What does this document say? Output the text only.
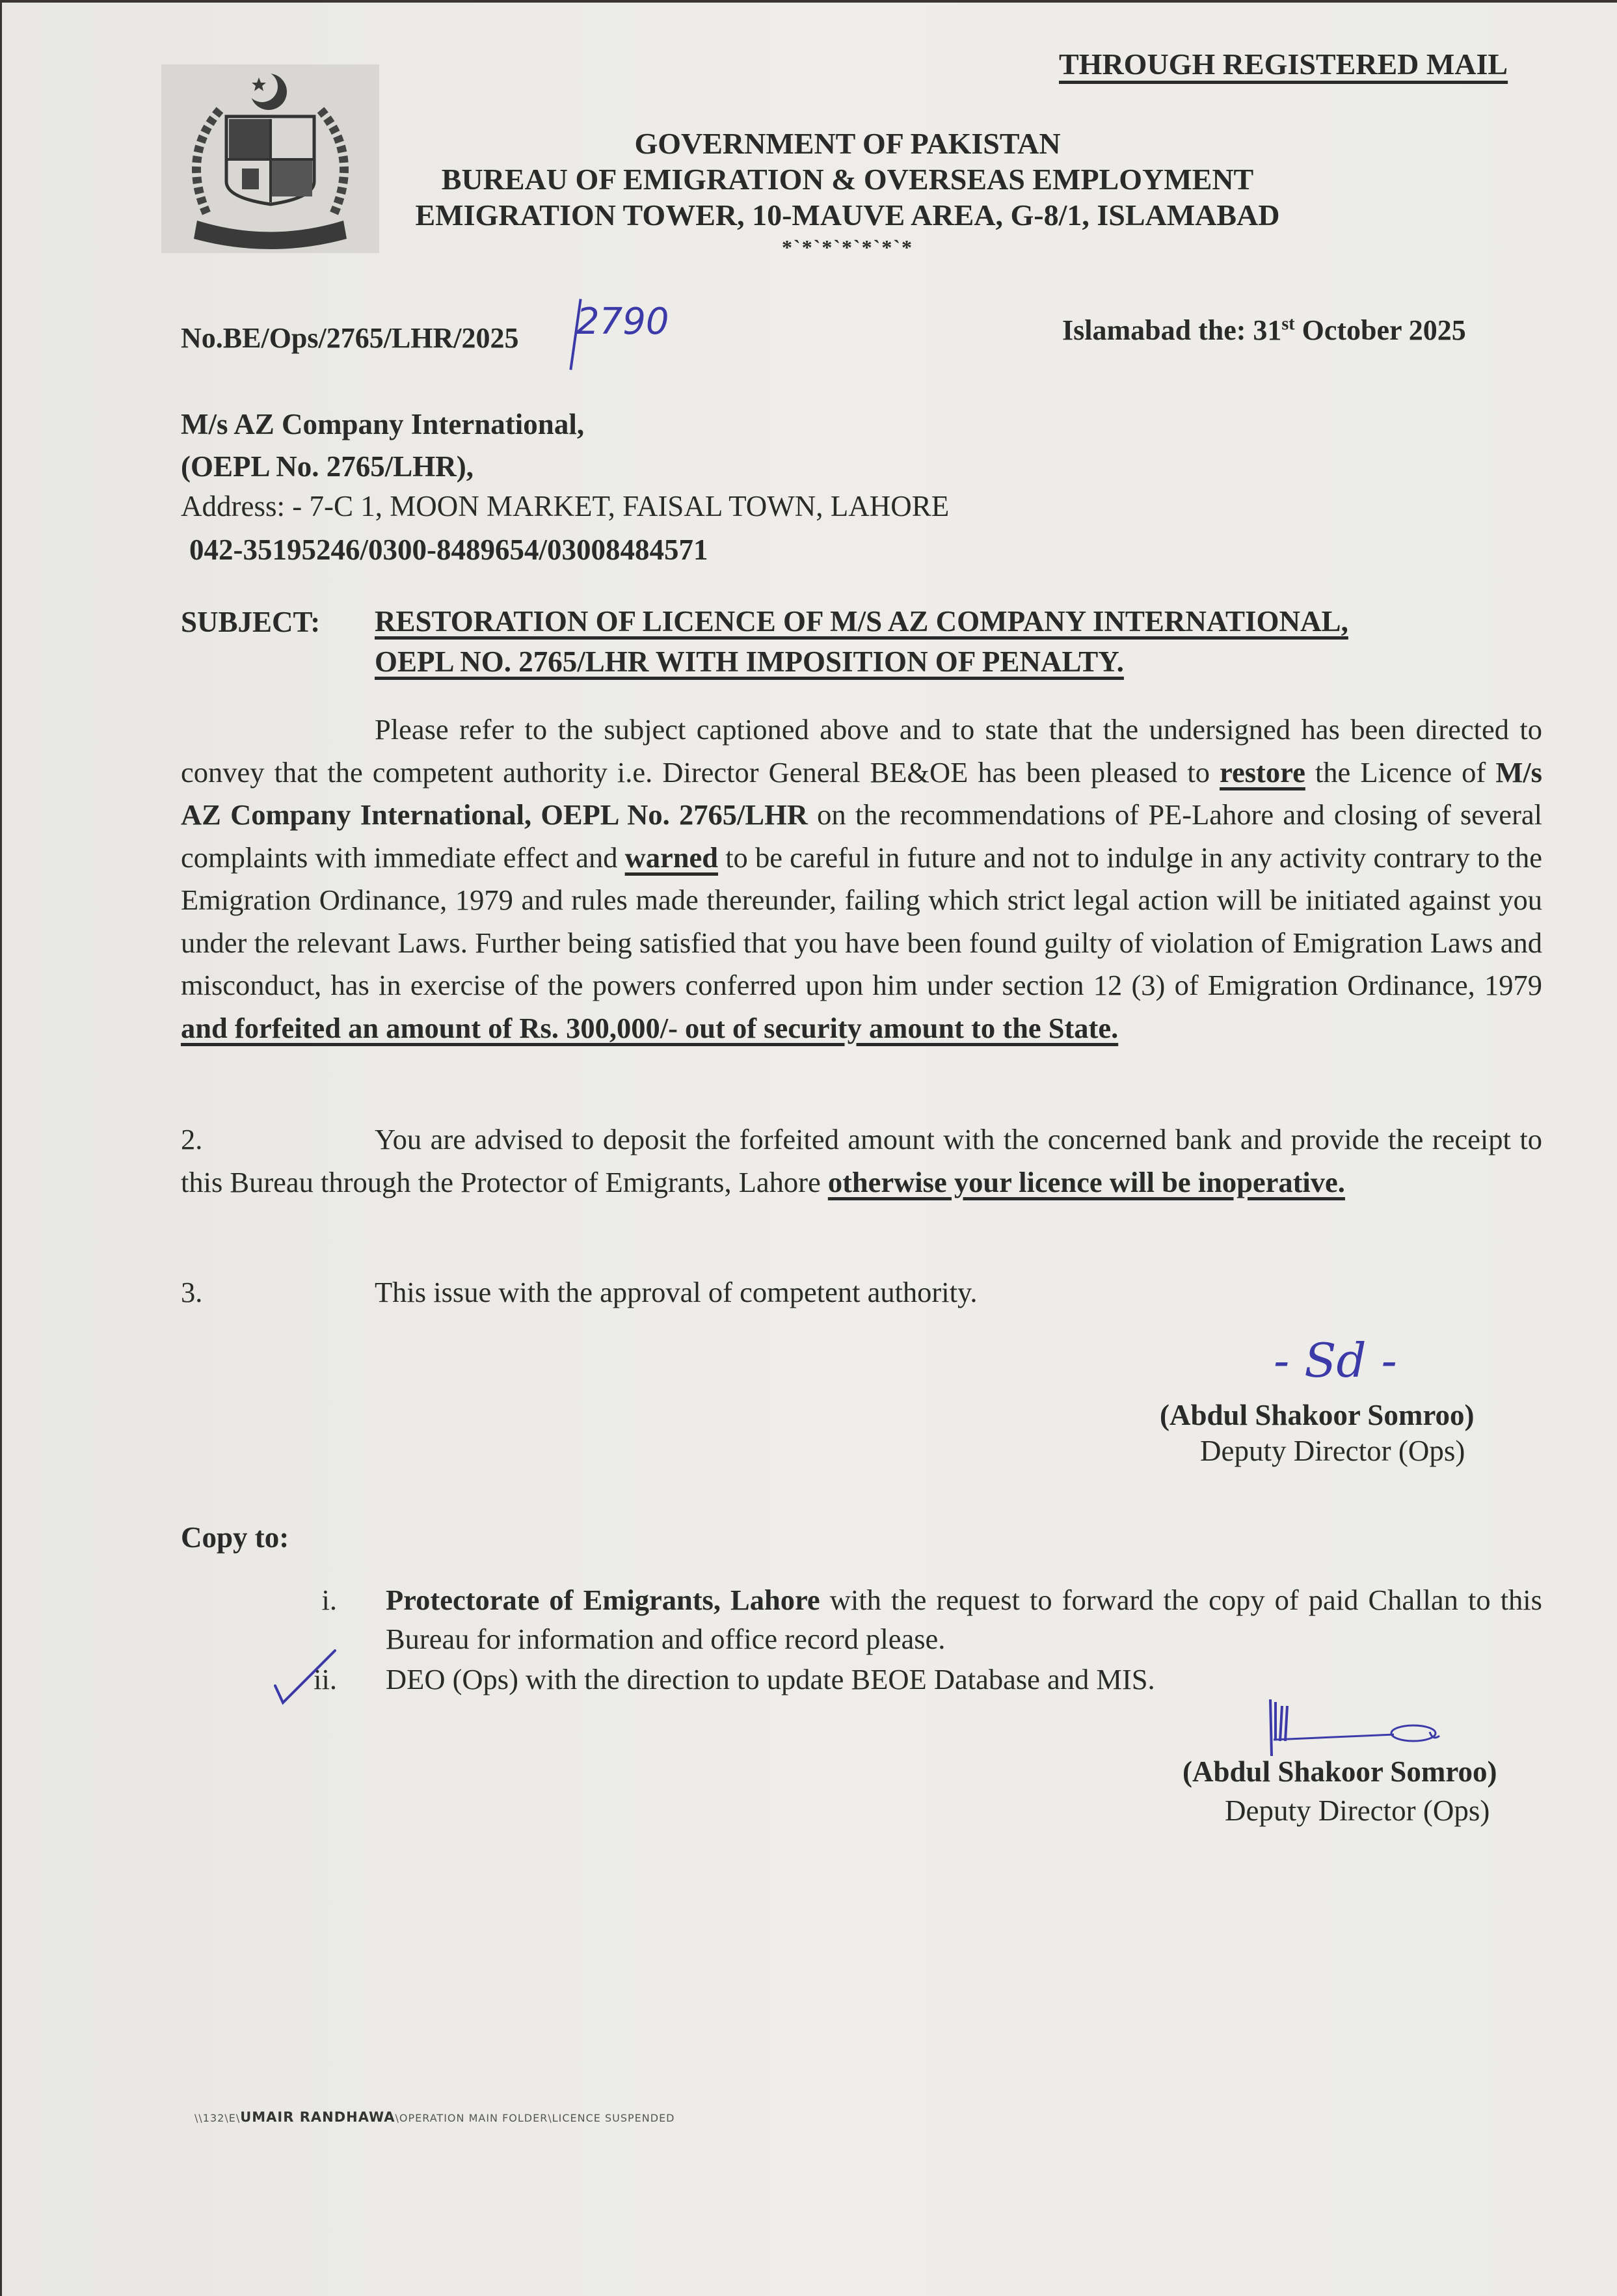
THROUGH REGISTERED MAIL
GOVERNMENT OF PAKISTAN
BUREAU OF EMIGRATION & OVERSEAS EMPLOYMENT
EMIGRATION TOWER, 10-MAUVE AREA, G-8/1, ISLAMABAD
*`*`*`*`*`*`*
No.BE/Ops/2765/LHR/2025 2790	Islamabad the: 31st October 2025
M/s AZ Company International,
(OEPL No. 2765/LHR),
Address: - 7-C 1, MOON MARKET, FAISAL TOWN, LAHORE
042-35195246/0300-8489654/03008484571
SUBJECT: RESTORATION OF LICENCE OF M/S AZ COMPANY INTERNATIONAL,
OEPL NO. 2765/LHR WITH IMPOSITION OF PENALTY.
Please refer to the subject captioned above and to state that the undersigned has been directed to convey that the competent authority i.e. Director General BE&OE has been pleased to restore the Licence of M/s AZ Company International, OEPL No. 2765/LHR on the recommendations of PE-Lahore and closing of several complaints with immediate effect and warned to be careful in future and not to indulge in any activity contrary to the Emigration Ordinance, 1979 and rules made thereunder, failing which strict legal action will be initiated against you under the relevant Laws. Further being satisfied that you have been found guilty of violation of Emigration Laws and misconduct, has in exercise of the powers conferred upon him under section 12 (3) of Emigration Ordinance, 1979 and forfeited an amount of Rs. 300,000/- out of security amount to the State.
2.	You are advised to deposit the forfeited amount with the concerned bank and provide the receipt to this Bureau through the Protector of Emigrants, Lahore otherwise your licence will be inoperative.
3.	This issue with the approval of competent authority.
- Sd -
(Abdul Shakoor Somroo)
Deputy Director (Ops)
Copy to:
i. Protectorate of Emigrants, Lahore with the request to forward the copy of paid Challan to this Bureau for information and office record please.
ii. DEO (Ops) with the direction to update BEOE Database and MIS.
(Abdul Shakoor Somroo)
Deputy Director (Ops)
\\132\E\UMAIR RANDHAWA\OPERATION MAIN FOLDER\LICENCE SUSPENDED
